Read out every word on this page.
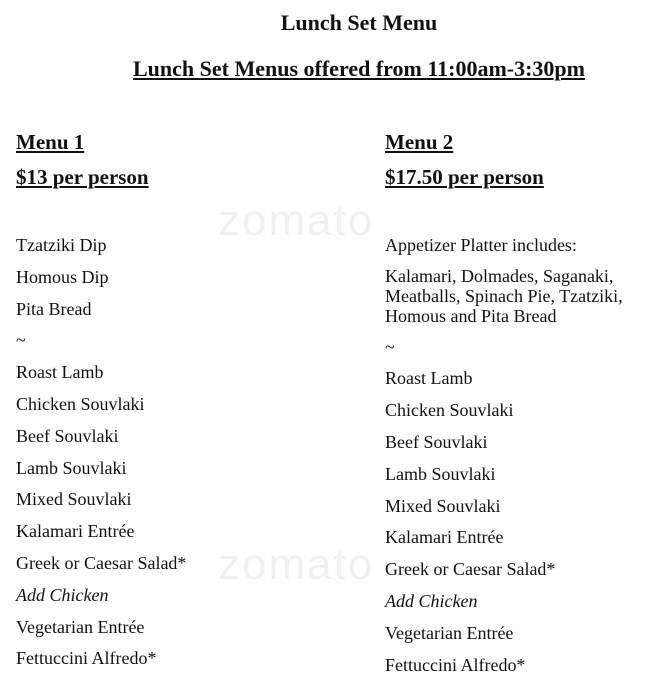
zomato
zomato
Lunch Set Menu
Lunch Set Menus offered from 11:00am-3:30pm
Menu 1
$13 per person
Tzatziki Dip
Homous Dip
Pita Bread
~
Roast Lamb
Chicken Souvlaki
Beef Souvlaki
Lamb Souvlaki
Mixed Souvlaki
Kalamari Entrée
Greek or Caesar Salad*
Add Chicken
Vegetarian Entrée
Fettuccini Alfredo*
Menu 2
$17.50 per person
Appetizer Platter includes:
Kalamari, Dolmades, Saganaki, Meatballs, Spinach Pie, Tzatziki, Homous and Pita Bread
~
Roast Lamb
Chicken Souvlaki
Beef Souvlaki
Lamb Souvlaki
Mixed Souvlaki
Kalamari Entrée
Greek or Caesar Salad*
Add Chicken
Vegetarian Entrée
Fettuccini Alfredo*
